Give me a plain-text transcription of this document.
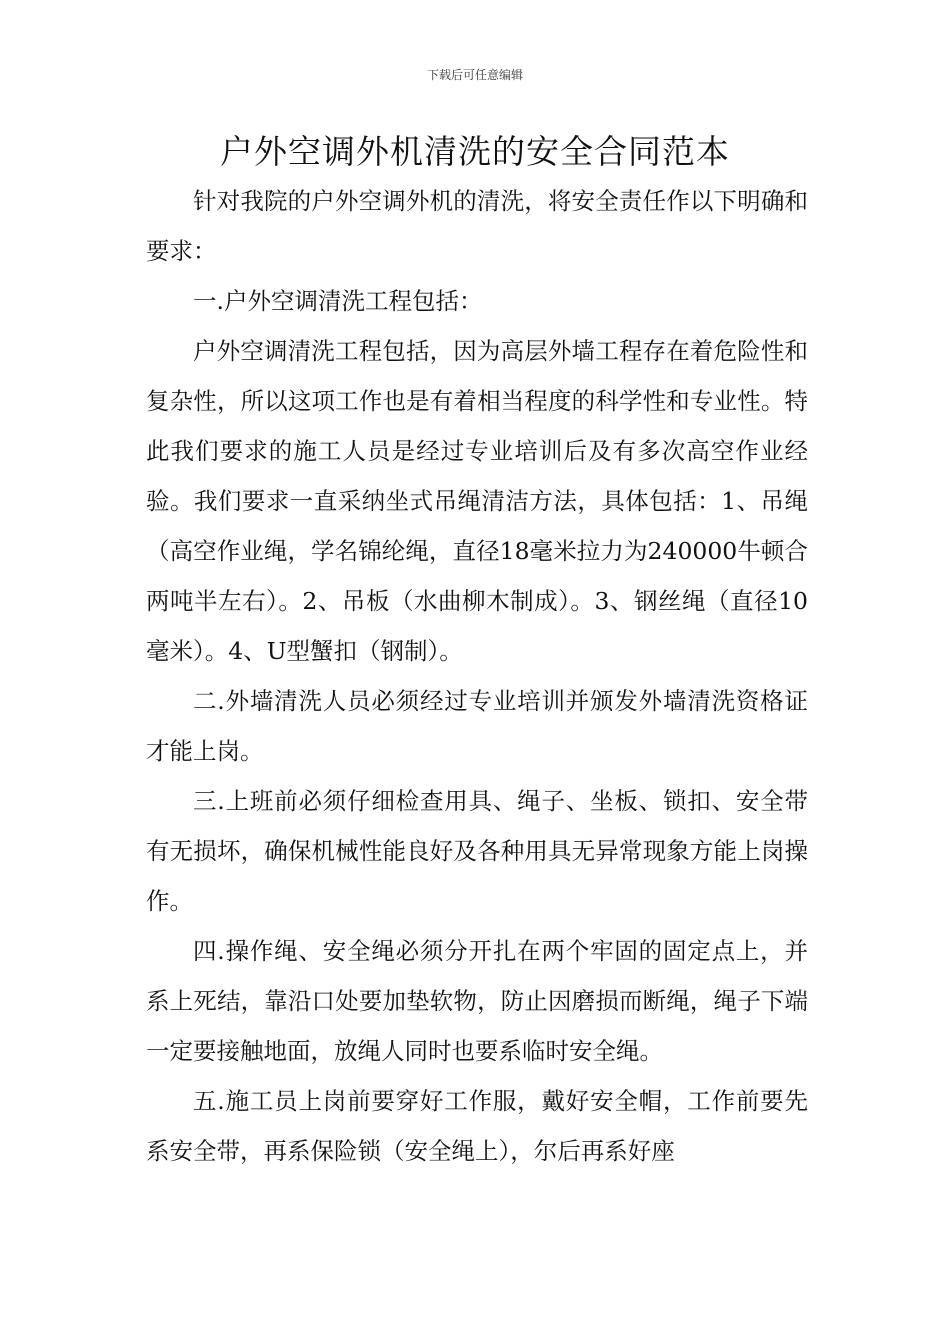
下载后可任意编辑
户外空调外机清洗的安全合同范本

针对我院的户外空调外机的清洗，将安全责任作以下明确和要求：

一.户外空调清洗工程包括：

户外空调清洗工程包括，因为高层外墙工程存在着危险性和复杂性，所以这项工作也是有着相当程度的科学性和专业性。特此我们要求的施工人员是经过专业培训后及有多次高空作业经验。我们要求一直采纳坐式吊绳清洁方法，具体包括：1、吊绳（高空作业绳，学名锦纶绳，直径18毫米拉力为240000牛顿合两吨半左右）。2、吊板（水曲柳木制成）。3、钢丝绳（直径10毫米）。4、U型蟹扣（钢制）。

二.外墙清洗人员必须经过专业培训并颁发外墙清洗资格证才能上岗。

三.上班前必须仔细检查用具、绳子、坐板、锁扣、安全带有无损坏，确保机械性能良好及各种用具无异常现象方能上岗操作。

四.操作绳、安全绳必须分开扎在两个牢固的固定点上，并系上死结，靠沿口处要加垫软物，防止因磨损而断绳，绳子下端一定要接触地面，放绳人同时也要系临时安全绳。

五.施工员上岗前要穿好工作服，戴好安全帽，工作前要先系安全带，再系保险锁（安全绳上），尔后再系好座
